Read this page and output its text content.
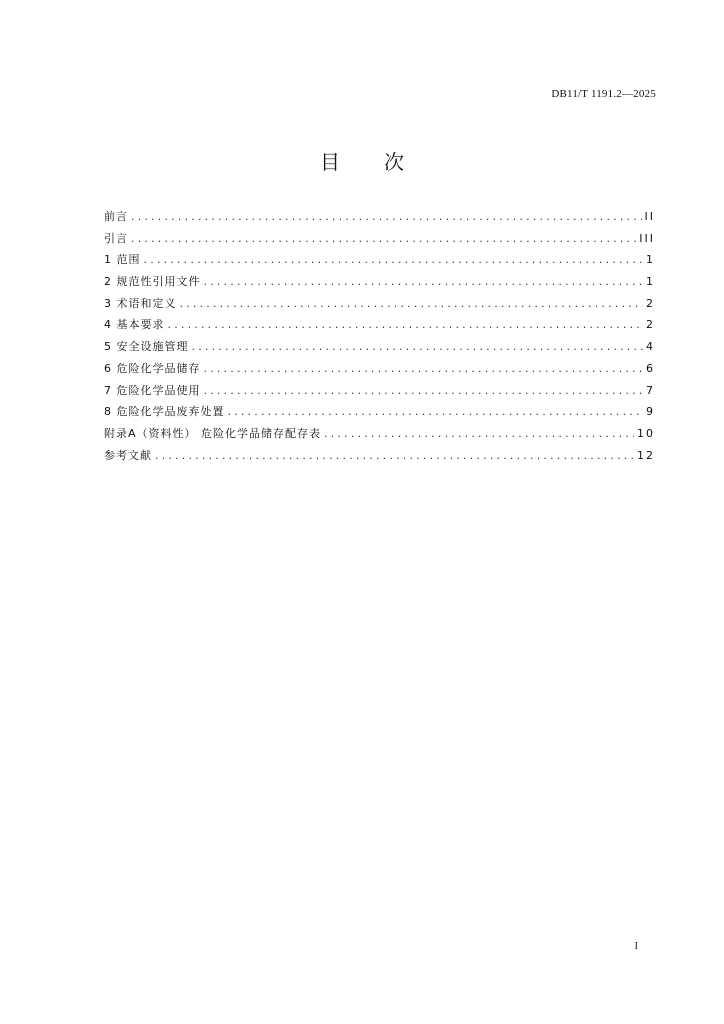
DB11/T 1191.2—2025
目 次
前言 .....	II
引言 .....	III
1 范围 .....	1
2 规范性引用文件 .....	1
3 术语和定义 .....	2
4 基本要求 .....	2
5 安全设施管理 .....	4
6 危险化学品储存 .....	6
7 危险化学品使用 .....	7
8 危险化学品废弃处置 .....	9
附录A（资料性） 危险化学品储存配存表 .....	10
参考文献 .....	12
I
